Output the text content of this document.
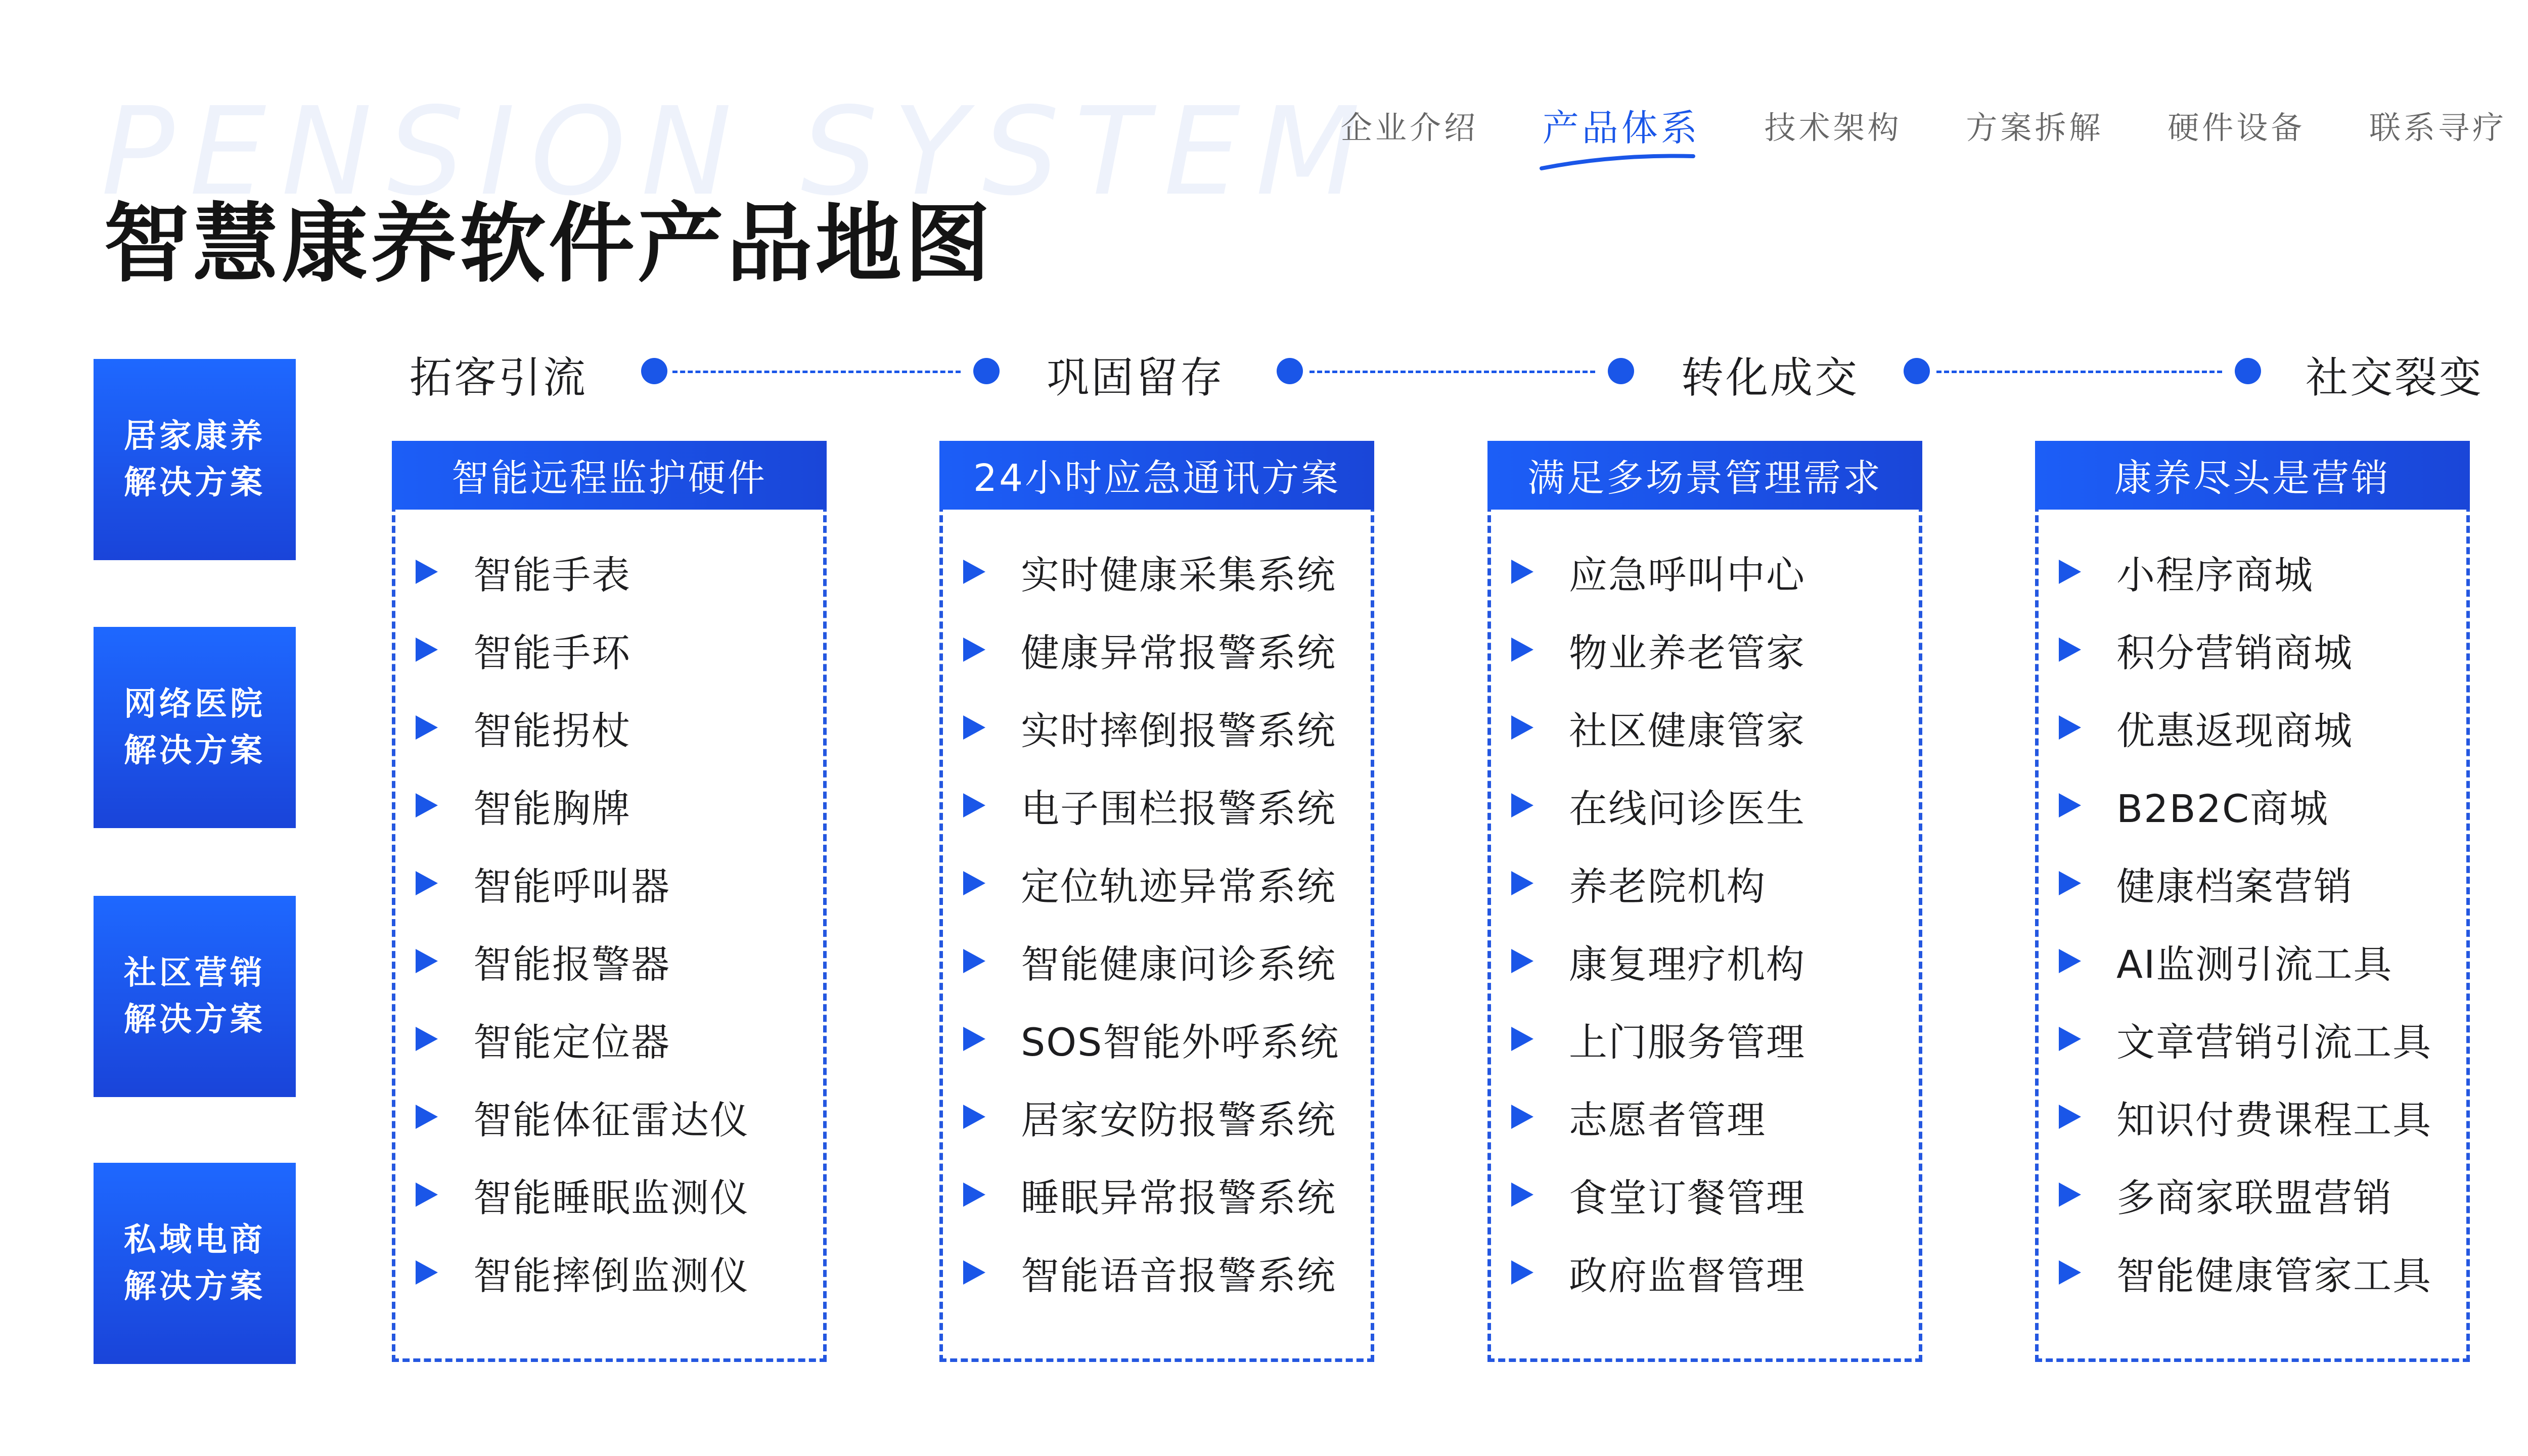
PENSION SYSTEM
智慧康养软件产品地图
企业介绍 产品体系 技术架构 方案拆解 硬件设备 联系寻疗
拓客引流	巩固留存	转化成交	社交裂变
居家康养
解决方案
网络医院
解决方案
社区营销
解决方案
私域电商
解决方案
智能远程监护硬件
智能手表
智能手环
智能拐杖
智能胸牌
智能呼叫器
智能报警器
智能定位器
智能体征雷达仪
智能睡眠监测仪
智能摔倒监测仪
24小时应急通讯方案
实时健康采集系统
健康异常报警系统
实时摔倒报警系统
电子围栏报警系统
定位轨迹异常系统
智能健康问诊系统
SOS智能外呼系统
居家安防报警系统
睡眠异常报警系统
智能语音报警系统
满足多场景管理需求
应急呼叫中心
物业养老管家
社区健康管家
在线问诊医生
养老院机构
康复理疗机构
上门服务管理
志愿者管理
食堂订餐管理
政府监督管理
康养尽头是营销
小程序商城
积分营销商城
优惠返现商城
B2B2C商城
健康档案营销
AI监测引流工具
文章营销引流工具
知识付费课程工具
多商家联盟营销
智能健康管家工具
